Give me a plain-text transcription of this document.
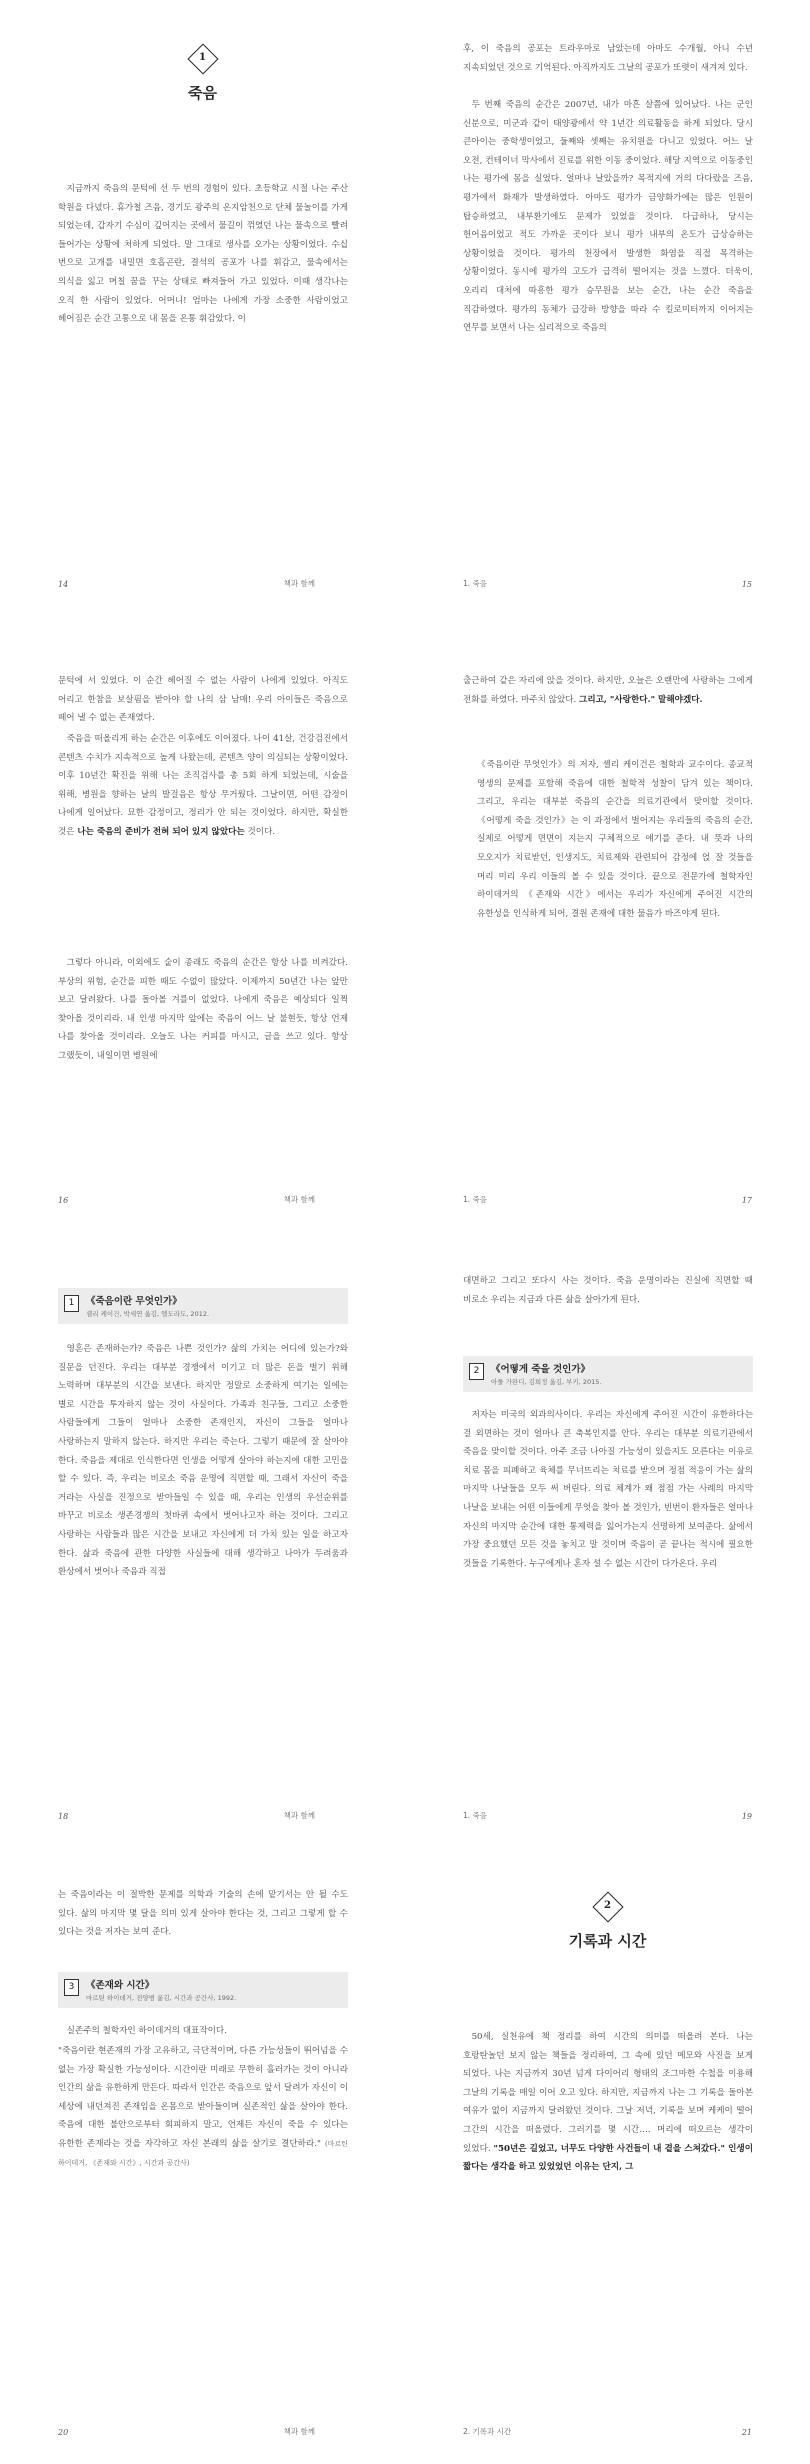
1
죽음

지금까지 죽음의 문턱에 선 두 번의 경험이 있다. 초등학교 시절 나는 주산 학원을 다녔다. 휴가철 즈음, 경기도 광주의 온지암천으로 단체 물놀이를 가게 되었는데, 갑자기 수심이 깊어지는 곳에서 물길이 꺾였던 나는 물속으로 빨려 들어가는 상황에 처하게 되었다. 말 그대로 생사를 오가는 상황이었다. 수십 번으로 고개를 내밀면 호흡곤란, 결석의 공포가 나를 휘감고, 물속에서는 의식을 잃고 며칠 꿈을 꾸는 상태로 빠져들어 가고 있었다. 이때 생각나는 오직 한 사람이 있었다. 어머니! 엄마는 나에게 가장 소중한 사람이었고 헤어짐은 순간 고통으로 내 몸을 온통 휘감았다. 이

14	책과 함께

후, 이 죽음의 공포는 트라우마로 남았는데 아마도 수개월, 아니 수년 지속되었던 것으로 기억된다. 아직까지도 그날의 공포가 또렷이 새겨져 있다.

두 번째 죽음의 순간은 2007년, 내가 마흔 살쯤에 있어났다. 나는 군인 신분으로, 미군과 같이 태양광에서 약 1년간 의료활동을 하게 되었다. 당시 큰아이는 중학생이었고, 둘째와 셋째는 유치원을 다니고 있었다. 어느 날 오전, 컨테이너 막사에서 진료를 위한 이동 중이었다. 해당 지역으로 이동중인 나는 평가에 몸을 실었다. 얼마나 날았을까? 목적지에 거의 다다랐을 즈음, 평가에서 화재가 발생하였다. 아마도 평가가 금양화가에는 많은 인원이 탑승하였고, 내부환기에도 문제가 있었을 것이다. 다급하나, 당시는 헌어음이었고 적도 가까운 곳이다 보니 평가 내부의 온도가 급상승하는 상황이었을 것이다. 평가의 천장에서 발생한 화염을 직접 목격하는 상황이었다. 동시에 평가의 고도가 급격히 떨어지는 것을 느꼈다. 더욱이, 오리리 대처에 따흥한 평가 승무원을 보는 순간, 나는 순간 죽음을 직감하였다. 평가의 동체가 급강하 방향을 따라 수 킬로미터까지 이어지는 연무를 보면서 나는 심리적으로 죽음의

1. 죽음	15

문턱에 서 있었다. 이 순간 헤어질 수 없는 사람이 나에게 있었다. 아직도 어리고 한참을 보살핌을 받아야 할 나의 삼 남매! 우리 아이들은 죽음으로 떼어 낼 수 없는 존재였다.

죽음을 떠올리게 하는 순간은 이후에도 이어졌다. 나이 41살, 건강검진에서 콘텐츠 수치가 지속적으로 높게 나왔는데, 콘텐츠 양이 의심되는 상황이었다. 이후 10년간 확진을 위해 나는 조직검사를 총 5회 하게 되었는데, 시술을 위해, 병원을 향하는 날의 발걸음은 항상 무거웠다. 그날이면, 어떤 감정이 나에게 일어났다. 묘한 감정이고, 정리가 안 되는 것이었다. 하지만, 확실한 것은 나는 죽음의 준비가 전혀 되어 있지 않았다는 것이다.

그렇다 아니라, 이외에도 숱이 종래도 죽음의 순간은 항상 나를 비켜갔다. 부상의 위험, 순간을 피한 때도 수없이 많았다. 이제까지 50년간 나는 앞만 보고 달려왔다. 나를 돌아볼 겨를이 없었다. 나에게 죽음은 예상되다 일찍 찾아올 것이리라. 내 인생 마지막 앞에는 죽음이 어느 날 불현듯, 항상 언제 나를 찾아올 것이리라. 오늘도 나는 커피를 마시고, 글을 쓰고 있다. 항상 그랬듯이, 내일이면 병원에

16	책과 함께

출근하여 같은 자리에 앉을 것이다. 하지만, 오늘은 오랜만에 사랑하는 그에게 전화를 하였다. 마주치 않았다. 그리고, "사랑한다." 말해야겠다.

《죽음이란 무엇인가》의 저자, 셸리 케이건은 철학과 교수이다. 종교적 영생의 문제를 포함해 죽음에 대한 철학적 성찰이 담겨 있는 책이다. 그리고, 우리는 대부분 죽음의 순간을 의료기관에서 맞이할 것이다. 《어떻게 죽을 것인가》는 이 과정에서 벌어지는 우리들의 죽음의 순간, 실제로 어떻게 면면이 지는지 구체적으로 얘기를 준다. 내 뜻과 나의 모오지가 치료받던, 인생지도, 치료제와 관련되어 감정에 얹 잘 것들을 머리 미리 우리 이들의 볼 수 있을 것이다. 끝으로 전문가에 철학자인 하이데거의 《존재와 시간》에서는 우리가 자신에게 주어진 시간의 유한성을 인식하게 되어, 결원 존재에 대한 물음가 바즈야게 된다.

1. 죽음	17
1	《죽음이란 무엇인가》
셸리 케이건, 박세연 옮김, 엘도라도, 2012.

영혼은 존재하는가? 죽음은 나쁜 것인가? 삶의 가치는 어디에 있는가?와 질문을 던진다. 우리는 대부분 경쟁에서 이기고 더 많은 돈을 벌기 위해 노력하며 대부분의 시간을 보낸다. 하지만 정말로 소중하게 여기는 일에는 별로 시간을 투자하지 않는 것이 사실이다. 가족과 친구들, 그리고 소중한 사람들에게 그들이 얼마나 소중한 존재인지, 자신이 그들을 얼마나 사랑하는지 말하지 않는다. 하지만 우리는 죽는다. 그렇기 때문에 잘 살아야 한다. 죽음을 제대로 인식한다면 인생을 어떻게 살아야 하는지에 대한 고민을 할 수 있다. 즉, 우리는 비로소 죽음 운명에 직면할 때, 그래서 자신이 죽을 거라는 사실을 진정으로 받아들일 수 있을 때, 우리는 인생의 우선순위를 바꾸고 비로소 생존경쟁의 첫바퀴 속에서 벗어나고자 하는 것이다. 그리고 사랑하는 사람들과 많은 시간을 보내고 자신에게 더 가치 있는 일을 하고자 한다. 삶과 죽음에 관한 다양한 사실들에 대해 생각하고 나아가 두려움과 환상에서 벗어나 죽음과 직접

18	책과 함께

대면하고 그리고 또다시 사는 것이다. 죽음 운명이라는 진실에 직면할 때 비로소 우리는 지금과 다른 삶을 살아가게 된다.

2	《어떻게 죽을 것인가》
아툴 가완디, 김희정 옮김, 부키, 2015.

저자는 미국의 외과의사이다. 우리는 자신에게 주어진 시간이 유한하다는 걸 외면하는 것이 얼마나 큰 축복인지를 안다. 우리는 대부분 의료기관에서 죽음을 맞이할 것이다. 아주 조금 나아질 가능성이 있을지도 모른다는 이유로 치료 몸을 피폐하고 육체를 무너뜨리는 치료를 받으며 정점 적응이 가는 삶의 마지막 나날들을 모두 써 버린다. 의료 체계가 왜 점점 가는 사례의 마지막 나날을 보내는 어떤 이들에게 무엇을 찾아 볼 것인가, 빈번이 환자들은 얼마나 자신의 마지막 순간에 대한 통제력을 잃어가는지 선명하게 보여준다. 삶에서 가장 중요했던 모든 것을 놓치고 말 것이며 죽음이 곧 끝나는 적시에 필요한 것들을 기록한다. 누구에게나 혼자 설 수 없는 시간이 다가온다. 우리

1. 죽음	19

는 죽음이라는 이 절박한 문제를 의학과 기술의 손에 맡기서는 안 될 수도 있다. 삶의 마지막 몇 달을 의미 있게 살아야 한다는 것, 그리고 그렇게 할 수 있다는 것을 저자는 보여 준다.

3	《존재와 시간》
마르틴 하이데거, 전양범 옮김, 시간과 공간사, 1992.

실존주의 철학자인 하이데거의 대표작이다.

"죽음이란 현존재의 가장 고유하고, 극단적이며, 다른 가능성들이 뛰어넘을 수 없는 가장 확실한 가능성이다. 시간이란 미래로 무한히 흘러가는 것이 아니라 인간의 삶을 유한하게 만든다. 따라서 인간은 죽음으로 앞서 달려가 자신이 이 세상에 내던져진 존재임을 온몸으로 받아들이며 실존적인 삶을 살아야 한다. 죽음에 대한 불안으로부터 회피하지 말고, 언제든 자신이 죽을 수 있다는 유한한 존재라는 것을 자각하고 자신 본래의 삶을 살기로 결단하라." (마르틴 하이데거, 《존재와 시간》, 시간과 공간사)

20	책과 함께
2
기록과 시간

50세, 실천유에 책 정리를 하여 시간의 의미를 떠올려 본다. 나는 호랑탄놀던 보지 않는 책들을 정리하여, 그 속에 있던 메모와 사진을 보게 되었다. 나는 지금까지 30년 넘게 다이어리 형태의 조그마한 수첩을 이용해 그날의 기록을 매일 이어 오고 있다. 하지만, 지금까지 나는 그 기록을 돌아본 여유가 없이 지금까지 달려왔던 것이다. 그날 저녁, 기록을 보며 케케이 떨어 그간의 시간을 떠올렸다. 그러기를 몇 시간…. 머리에 떠오르는 생각이 있었다. "50년은 길었고, 너무도 다양한 사건들이 내 곁을 스쳐갔다." 인생이 짧다는 생각을 하고 있었었던 이유는 단지, 그

2. 기록과 시간	21
